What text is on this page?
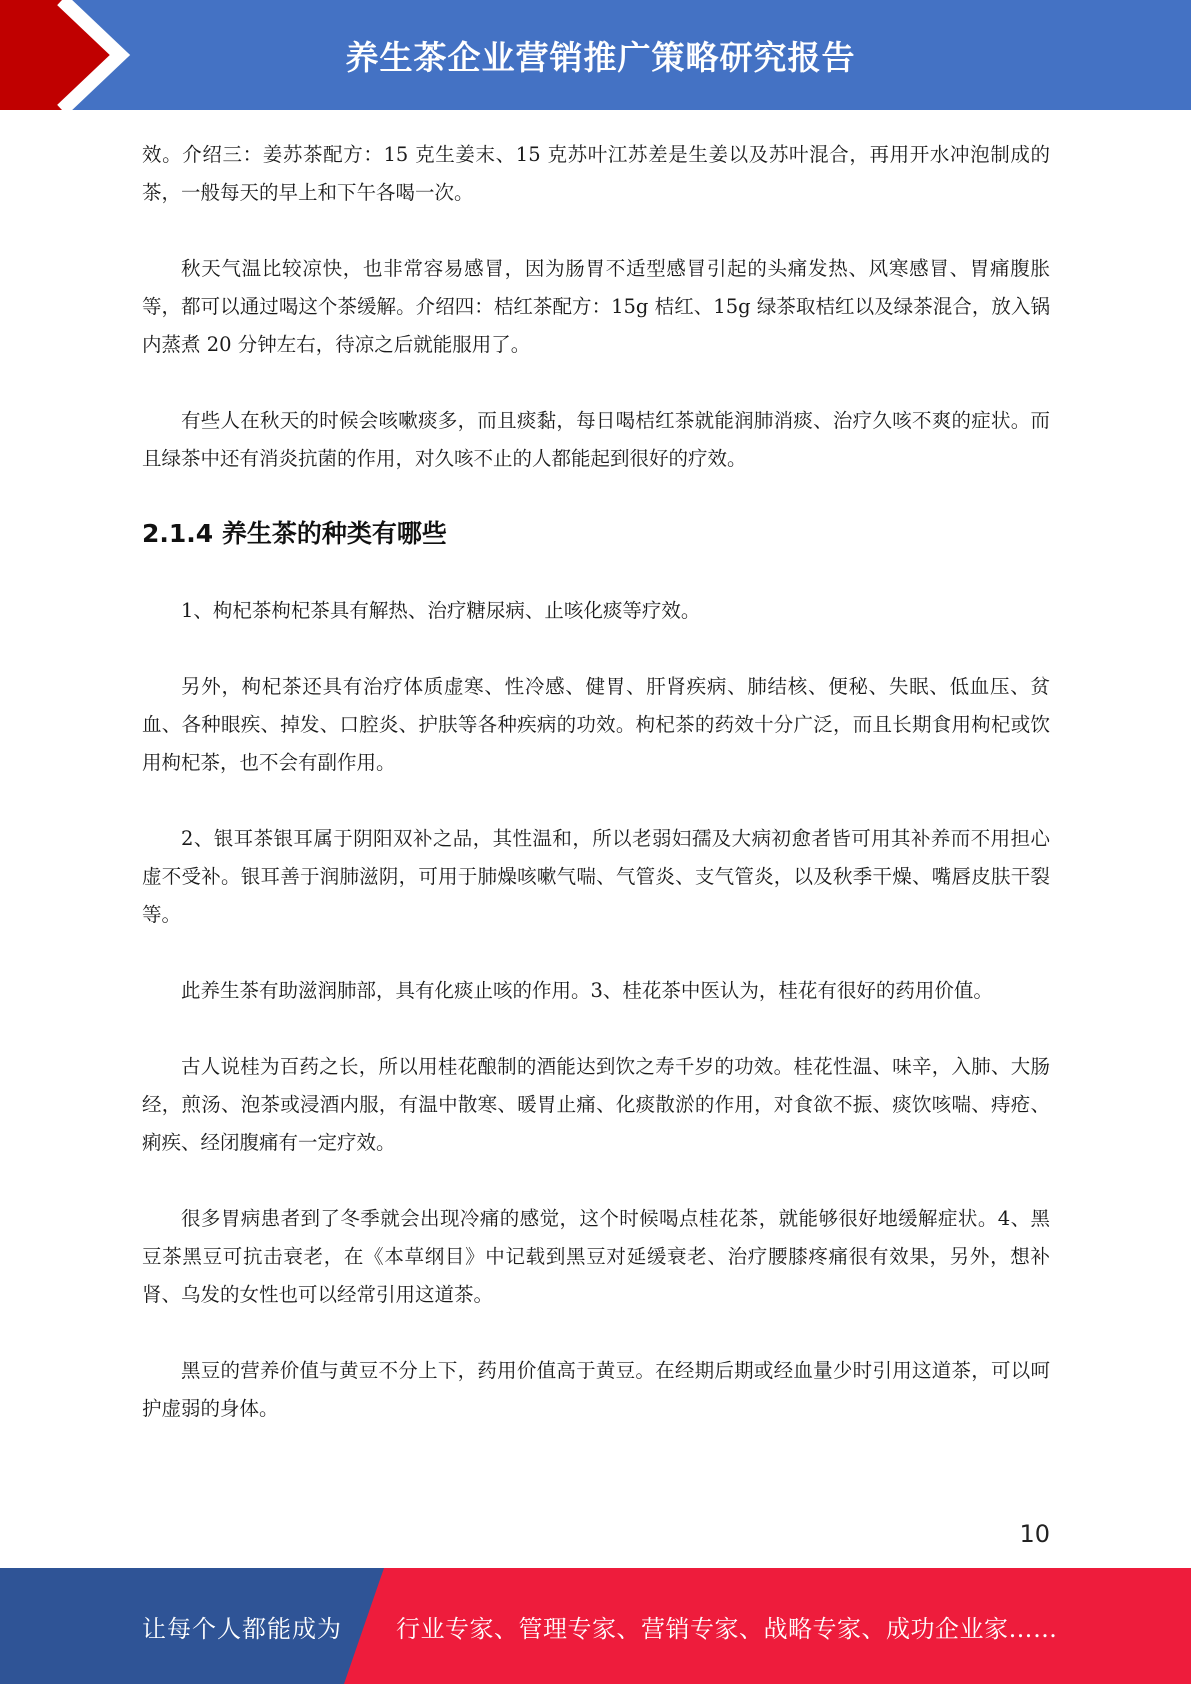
养生茶企业营销推广策略研究报告

效。介绍三：姜苏茶配方：15 克生姜末、15 克苏叶江苏差是生姜以及苏叶混合，再用开水冲泡制成的茶，一般每天的早上和下午各喝一次。

秋天气温比较凉快，也非常容易感冒，因为肠胃不适型感冒引起的头痛发热、风寒感冒、胃痛腹胀等，都可以通过喝这个茶缓解。介绍四：桔红茶配方：15g 桔红、15g 绿茶取桔红以及绿茶混合，放入锅内蒸煮 20 分钟左右，待凉之后就能服用了。

有些人在秋天的时候会咳嗽痰多，而且痰黏，每日喝桔红茶就能润肺消痰、治疗久咳不爽的症状。而且绿茶中还有消炎抗菌的作用，对久咳不止的人都能起到很好的疗效。

2.1.4 养生茶的种类有哪些

1、枸杞茶枸杞茶具有解热、治疗糖尿病、止咳化痰等疗效。

另外，枸杞茶还具有治疗体质虚寒、性冷感、健胃、肝肾疾病、肺结核、便秘、失眠、低血压、贫血、各种眼疾、掉发、口腔炎、护肤等各种疾病的功效。枸杞茶的药效十分广泛，而且长期食用枸杞或饮用枸杞茶，也不会有副作用。

2、银耳茶银耳属于阴阳双补之品，其性温和，所以老弱妇孺及大病初愈者皆可用其补养而不用担心虚不受补。银耳善于润肺滋阴，可用于肺燥咳嗽气喘、气管炎、支气管炎，以及秋季干燥、嘴唇皮肤干裂等。

此养生茶有助滋润肺部，具有化痰止咳的作用。3、桂花茶中医认为，桂花有很好的药用价值。

古人说桂为百药之长，所以用桂花酿制的酒能达到饮之寿千岁的功效。桂花性温、味辛，入肺、大肠经，煎汤、泡茶或浸酒内服，有温中散寒、暖胃止痛、化痰散淤的作用，对食欲不振、痰饮咳喘、痔疮、痢疾、经闭腹痛有一定疗效。

很多胃病患者到了冬季就会出现冷痛的感觉，这个时候喝点桂花茶，就能够很好地缓解症状。4、黑豆茶黑豆可抗击衰老，在《本草纲目》中记载到黑豆对延缓衰老、治疗腰膝疼痛很有效果，另外，想补肾、乌发的女性也可以经常引用这道茶。

黑豆的营养价值与黄豆不分上下，药用价值高于黄豆。在经期后期或经血量少时引用这道茶，可以呵护虚弱的身体。

10
让每个人都能成为 行业专家、管理专家、营销专家、战略专家、成功企业家……
